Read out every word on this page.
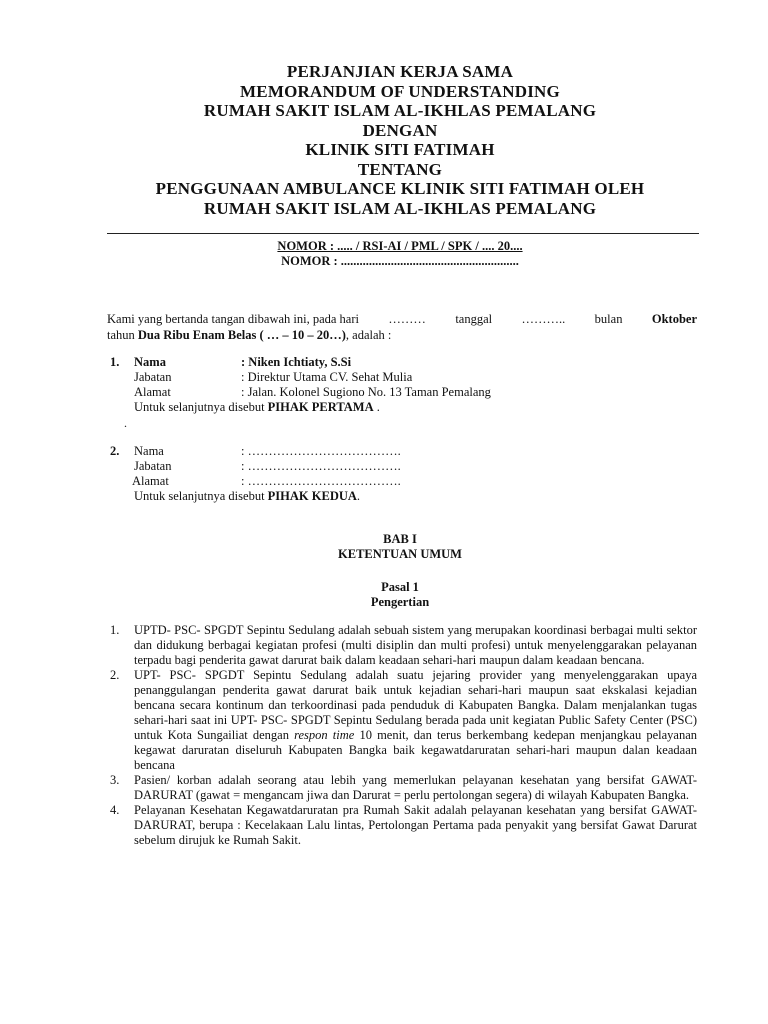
PERJANJIAN KERJA SAMA
MEMORANDUM OF UNDERSTANDING
RUMAH SAKIT ISLAM AL-IKHLAS PEMALANG
DENGAN
KLINIK SITI FATIMAH
TENTANG
PENGGUNAAN AMBULANCE KLINIK SITI FATIMAH OLEH
RUMAH SAKIT ISLAM AL-IKHLAS PEMALANG
NOMOR : ..... / RSI-AI / PML / SPK / .... 20....
NOMOR : .........................................................
Kami yang bertanda tangan dibawah ini, pada hari ……… tanggal ……….. bulan Oktober
tahun Dua Ribu Enam Belas ( … – 10 – 20…), adalah :
1. Nama	: Niken Ichtiaty, S.Si
Jabatan	: Direktur Utama CV. Sehat Mulia
Alamat	: Jalan. Kolonel Sugiono No. 13 Taman Pemalang
Untuk selanjutnya disebut PIHAK PERTAMA .
.
2. Nama	: ……………………………….
Jabatan	: ……………………………….
Alamat	: ……………………………….
Untuk selanjutnya disebut PIHAK KEDUA.
BAB I
KETENTUAN UMUM
Pasal 1
Pengertian
1. UPTD- PSC- SPGDT Sepintu Sedulang adalah sebuah sistem yang merupakan koordinasi berbagai multi sektor dan didukung berbagai kegiatan profesi (multi disiplin dan multi profesi) untuk menyelenggarakan pelayanan terpadu bagi penderita gawat darurat baik dalam keadaan sehari-hari maupun dalam keadaan bencana.
2. UPT- PSC- SPGDT Sepintu Sedulang adalah suatu jejaring provider yang menyelenggarakan upaya penanggulangan penderita gawat darurat baik untuk kejadian sehari-hari maupun saat ekskalasi kejadian bencana secara kontinum dan terkoordinasi pada penduduk di Kabupaten Bangka. Dalam menjalankan tugas sehari-hari saat ini UPT- PSC- SPGDT Sepintu Sedulang berada pada unit kegiatan Public Safety Center (PSC) untuk Kota Sungailiat dengan respon time 10 menit, dan terus berkembang kedepan menjangkau pelayanan kegawat daruratan diseluruh Kabupaten Bangka baik kegawatdaruratan sehari-hari maupun dalan keadaan bencana
3. Pasien/ korban adalah seorang atau lebih yang memerlukan pelayanan kesehatan yang bersifat GAWAT-DARURAT (gawat = mengancam jiwa dan Darurat = perlu pertolongan segera) di wilayah Kabupaten Bangka.
4. Pelayanan Kesehatan Kegawatdaruratan pra Rumah Sakit adalah pelayanan kesehatan yang bersifat GAWAT-DARURAT, berupa : Kecelakaan Lalu lintas, Pertolongan Pertama pada penyakit yang bersifat Gawat Darurat sebelum dirujuk ke Rumah Sakit.
